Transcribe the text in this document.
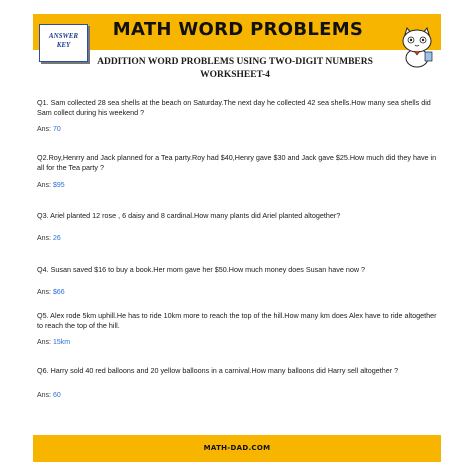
MATH WORD PROBLEMS
ANSWER
KEY
ADDITION WORD PROBLEMS USING TWO-DIGIT NUMBERS
WORKSHEET-4

Q1. Sam collected 28 sea shells at the beach on Saturday.The next day he collected 42 sea shells.How many sea shells did Sam collect during his weekend ?

Ans: 70

Q2.Roy,Henrry and Jack planned for a Tea party.Roy had $40,Henry gave $30 and Jack gave $25.How much did they have in all for the Tea party ?

Ans: $95

Q3. Ariel planted 12 rose , 6 daisy and 8 cardinal.How many plants did Ariel planted altogether?

Ans: 26

Q4. Susan saved $16 to buy a book.Her mom gave her $50.How much money does Susan have now ?

Ans: $66

Q5. Alex rode 5km uphill.He has to ride 10km more to reach the top of the hill.How many km does Alex have to ride altogether to reach the top of the hill.

Ans: 15km

Q6. Harry sold 40 red balloons and 20 yellow balloons in a carnival.How many balloons did Harry sell altogether ?

Ans: 60

MATH-DAD.COM
